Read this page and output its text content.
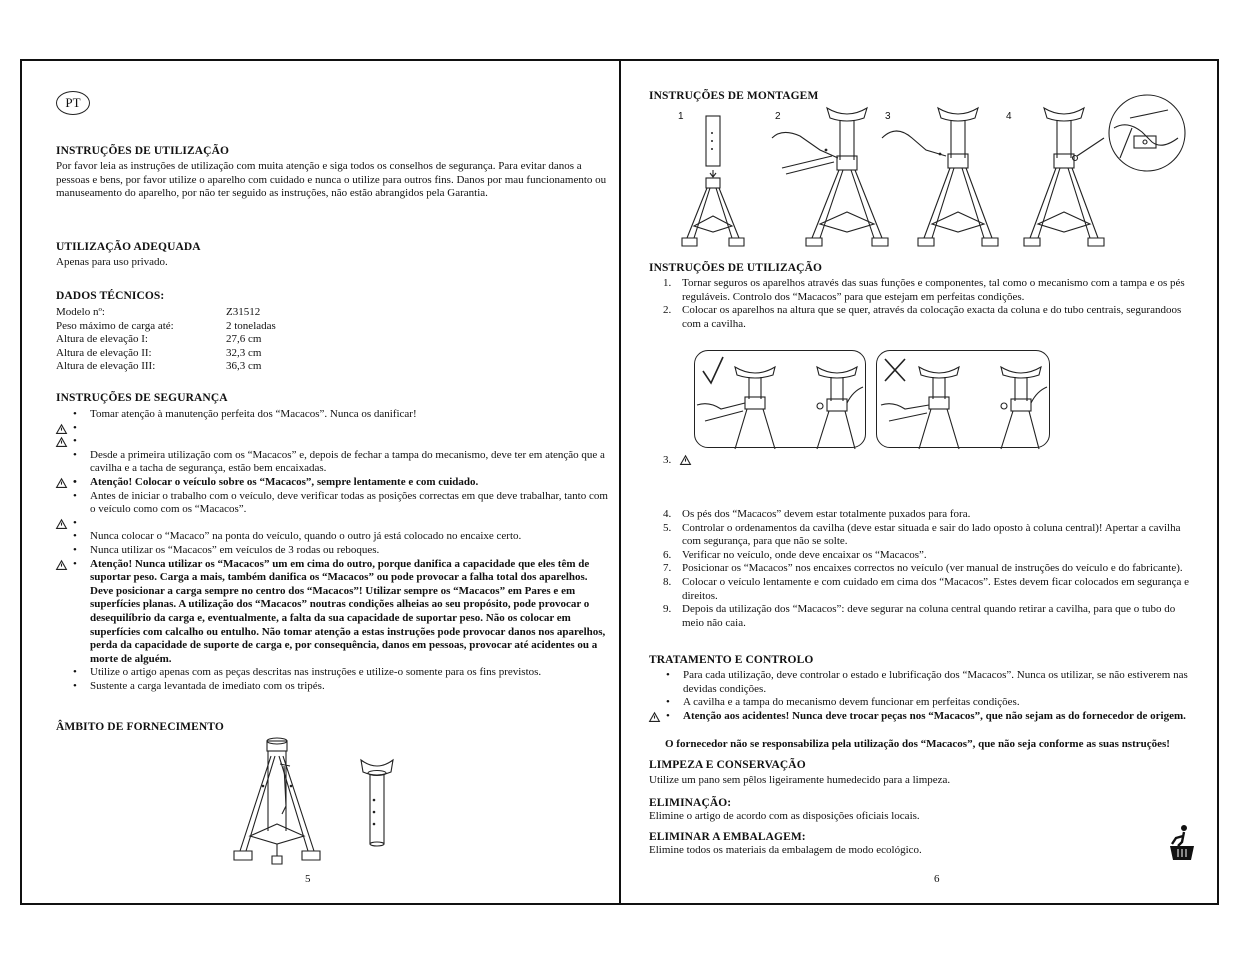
PT
INSTRUÇÕES DE UTILIZAÇÃO
Por favor leia as instruções de utilização com muita atenção e siga todos os conselhos de segurança. Para evitar danos a pessoas e bens, por favor utilize o aparelho com cuidado e nunca o utilize para outros fins. Danos por mau funcionamento ou manuseamento do aparelho, por não ter seguido as instruções, não estão abrangidos pela Garantia.
UTILIZAÇÃO ADEQUADA
Apenas para uso privado.
DADOS TÉCNICOS:
Modelo nº:	Z31512
Peso máximo de carga até:	2 toneladas
Altura de elevação I:	27,6 cm
Altura de elevação II:	32,3 cm
Altura de elevação III:	36,3 cm
INSTRUÇÕES DE SEGURANÇA
• Tomar atenção à manutenção perfeita dos “Macacos”. Nunca os danificar!
•
•
• Desde a primeira utilização com os “Macacos” e, depois de fechar a tampa do mecanismo, deve ter em atenção que a cavilha e a tacha de segurança, estão bem encaixadas.
• Atenção! Colocar o veículo sobre os “Macacos”, sempre lentamente e com cuidado.
• Antes de iniciar o trabalho com o veículo, deve verificar todas as posições correctas em que deve trabalhar, tanto com o veículo como com os “Macacos”.
•
• Nunca colocar o “Macaco” na ponta do veículo, quando o outro já está colocado no encaixe certo.
• Nunca utilizar os “Macacos” em veículos de 3 rodas ou reboques.
• Atenção! Nunca utilizar os “Macacos” um em cima do outro, porque danifica a capacidade que eles têm de suportar peso. Carga a mais, também danifica os “Macacos” ou pode provocar a falha total dos aparelhos. Deve posicionar a carga sempre no centro dos “Macacos”! Utilizar sempre os “Macacos” em Pares e em superfícies planas. A utilização dos “Macacos” noutras condições alheias ao seu propósito, pode provocar o desequilíbrio da carga e, eventualmente, a falta da sua capacidade de suportar peso. Não os colocar em superfícies com calcalho ou entulho. Não tomar atenção a estas instruções pode provocar danos nos aparelhos, perda da capacidade de suporte de carga e, por consequência, danos em pessoas, provocar até acidentes ou a morte de alguém.
• Utilize o artigo apenas com as peças descritas nas instruções e utilize-o somente para os fins previstos.
• Sustente a carga levantada de imediato com os tripés.
ÂMBITO DE FORNECIMENTO
5
INSTRUÇÕES DE MONTAGEM
1	2	3	4
INSTRUÇÕES DE UTILIZAÇÃO
1. Tornar seguros os aparelhos através das suas funções e componentes, tal como o mecanismo com a tampa e os pés reguláveis. Controlo dos “Macacos” para que estejam em perfeitas condições.
2. Colocar os aparelhos na altura que se quer, através da colocação exacta da coluna e do tubo centrais, segurandoos com a cavilha.
3.
4. Os pés dos “Macacos” devem estar totalmente puxados para fora.
5. Controlar o ordenamentos da cavilha (deve estar situada e sair do lado oposto à coluna central)! Apertar a cavilha com segurança, para que não se solte.
6. Verificar no veículo, onde deve encaixar os “Macacos”.
7. Posicionar os “Macacos” nos encaixes correctos no veículo (ver manual de instruções do veículo e do fabricante).
8. Colocar o veículo lentamente e com cuidado em cima dos “Macacos”. Estes devem ficar colocados em segurança e direitos.
9. Depois da utilização dos “Macacos”: deve segurar na coluna central quando retirar a cavilha, para que o tubo do meio não caia.
TRATAMENTO E CONTROLO
• Para cada utilização, deve controlar o estado e lubrificação dos “Macacos”. Nunca os utilizar, se não estiverem nas devidas condições.
• A cavilha e a tampa do mecanismo devem funcionar em perfeitas condições.
• Atenção aos acidentes! Nunca deve trocar peças nos “Macacos”, que não sejam as do fornecedor de origem.
O fornecedor não se responsabiliza pela utilização dos “Macacos”, que não seja conforme as suas nstruções!
LIMPEZA E CONSERVAÇÃO
Utilize um pano sem pêlos ligeiramente humedecido para a limpeza.
ELIMINAÇÃO:
Elimine o artigo de acordo com as disposições oficiais locais.
ELIMINAR A EMBALAGEM:
Elimine todos os materiais da embalagem de modo ecológico.
6
